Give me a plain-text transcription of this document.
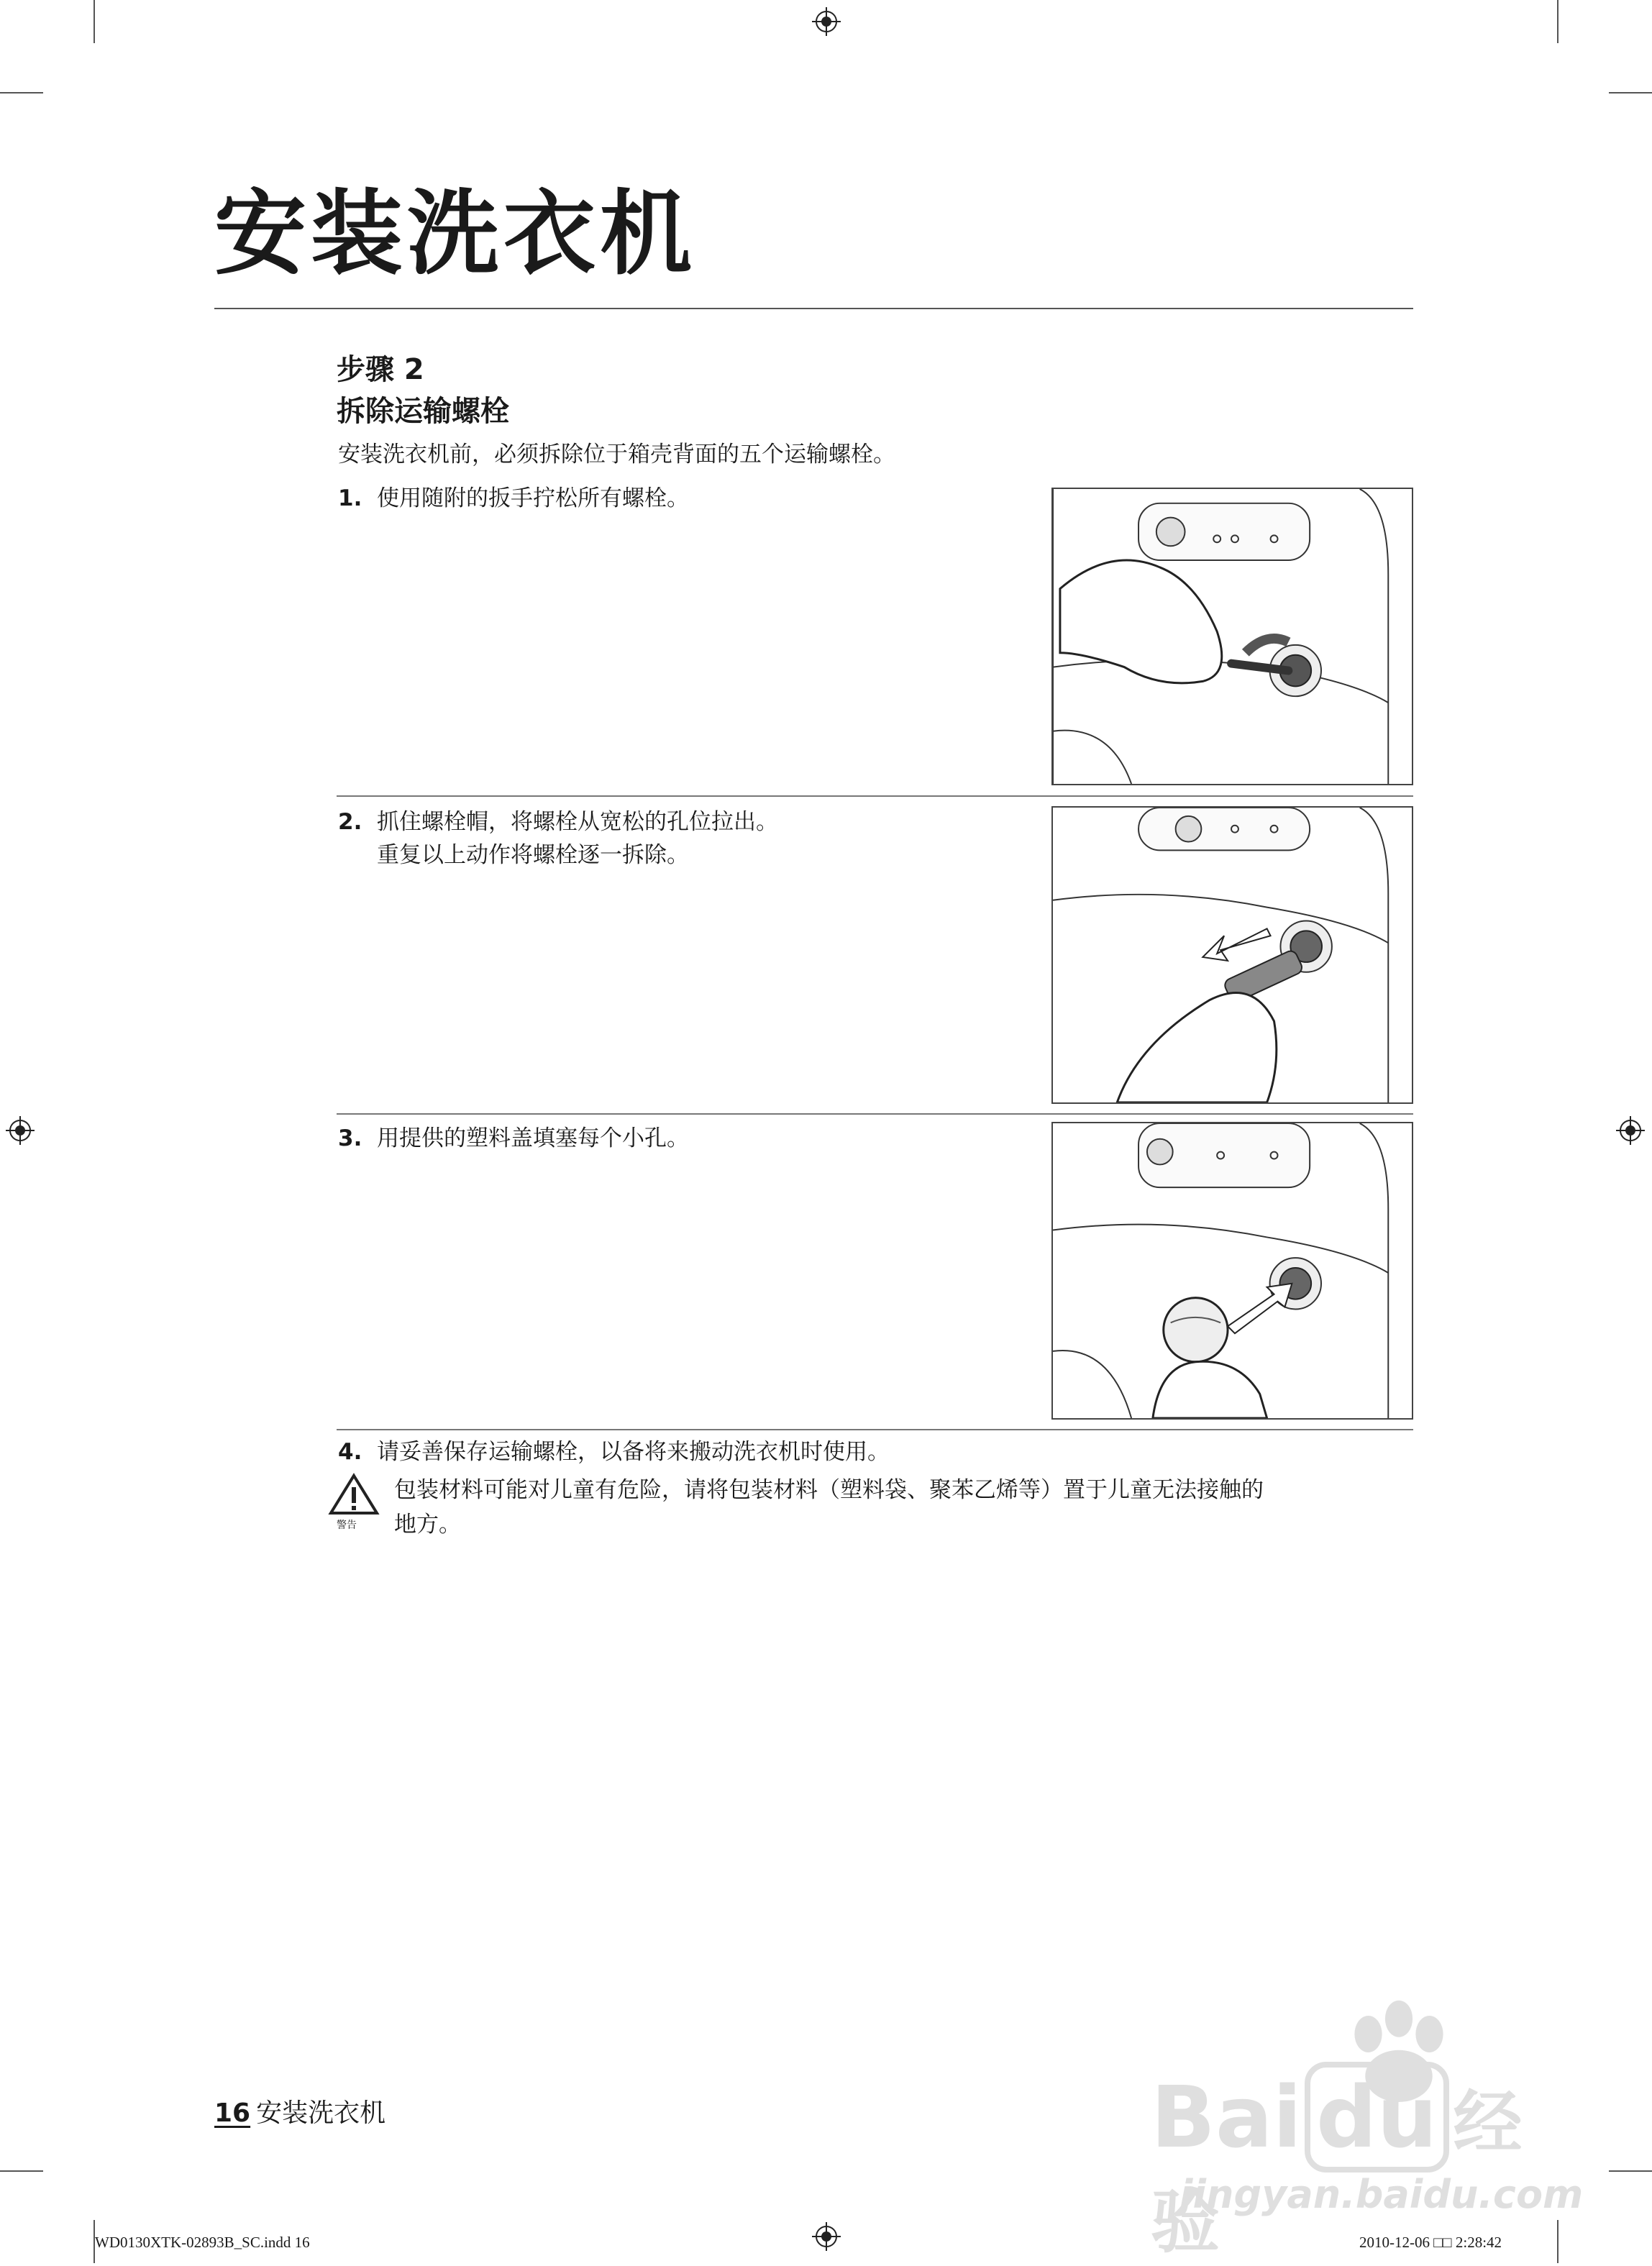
安装洗衣机
步骤 2
拆除运输螺栓
安装洗衣机前，必须拆除位于箱壳背面的五个运输螺栓。
1. 使用随附的扳手拧松所有螺栓。
2. 抓住螺栓帽，将螺栓从宽松的孔位拉出。
重复以上动作将螺栓逐一拆除。
3. 用提供的塑料盖填塞每个小孔。
4. 请妥善保存运输螺栓，以备将来搬动洗衣机时使用。
警告
包装材料可能对儿童有危险，请将包装材料（塑料袋、聚苯乙烯等）置于儿童无法接触的
地方。
Bai du 经验
jingyan.baidu.com
16 安装洗衣机
WD0130XTK-02893B_SC.indd 16	2010-12-06 □□ 2:28:42
